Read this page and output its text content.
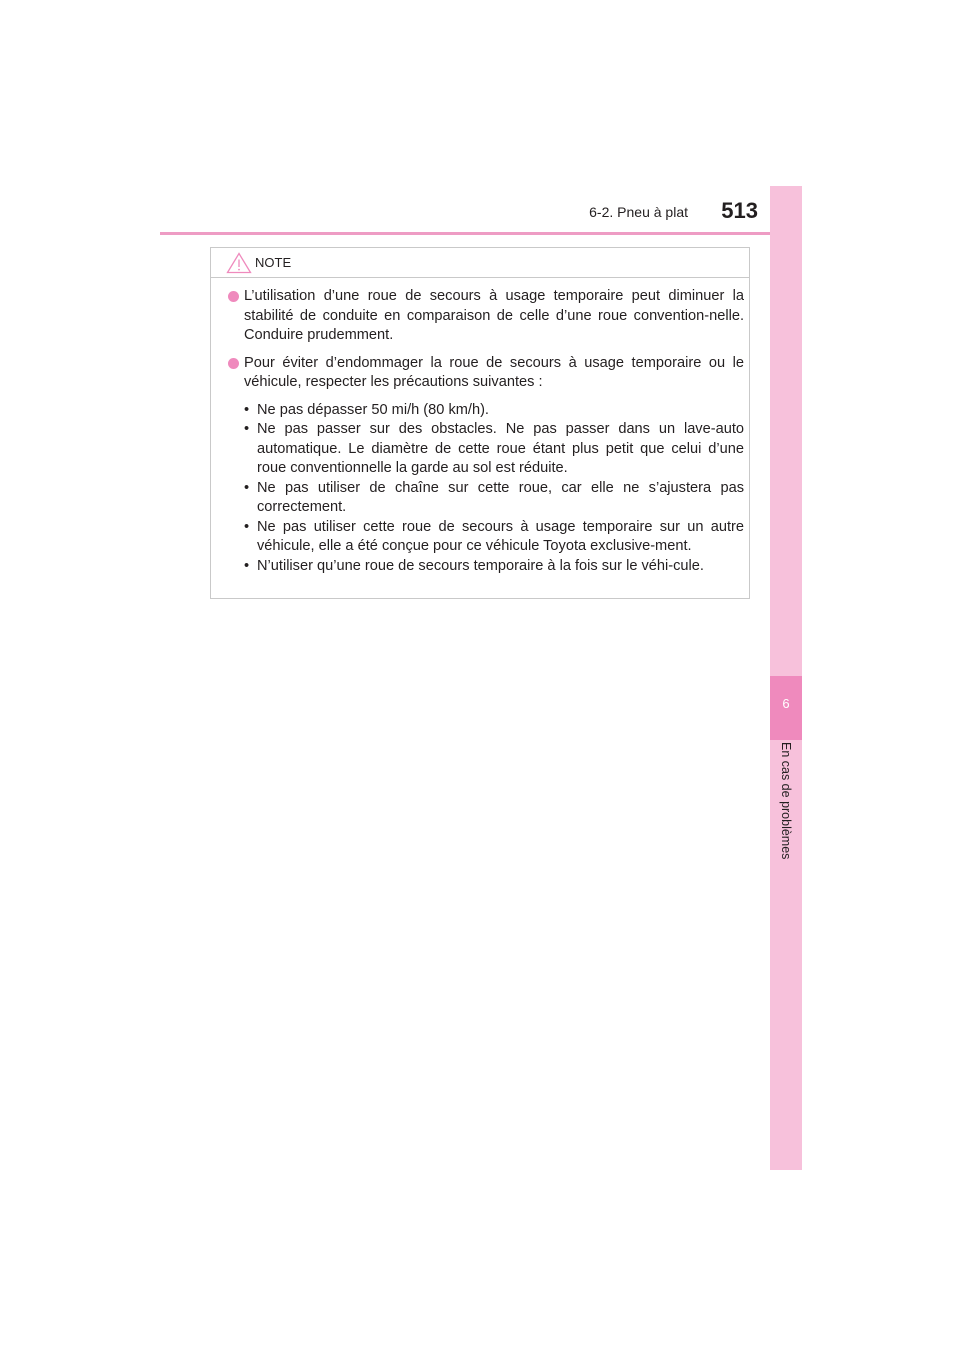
6-2. Pneu à plat	513
6
En cas de problèmes
NOTE
L’utilisation d’une roue de secours à usage temporaire peut diminuer la stabilité de conduite en comparaison de celle d’une roue convention-nelle. Conduire prudemment.
Pour éviter d’endommager la roue de secours à usage temporaire ou le véhicule, respecter les précautions suivantes :
• Ne pas dépasser 50 mi/h (80 km/h).
• Ne pas passer sur des obstacles. Ne pas passer dans un lave-auto automatique. Le diamètre de cette roue étant plus petit que celui d’une roue conventionnelle la garde au sol est réduite.
• Ne pas utiliser de chaîne sur cette roue, car elle ne s’ajustera pas correctement.
• Ne pas utiliser cette roue de secours à usage temporaire sur un autre véhicule, elle a été conçue pour ce véhicule Toyota exclusive-ment.
• N’utiliser qu’une roue de secours temporaire à la fois sur le véhi-cule.
